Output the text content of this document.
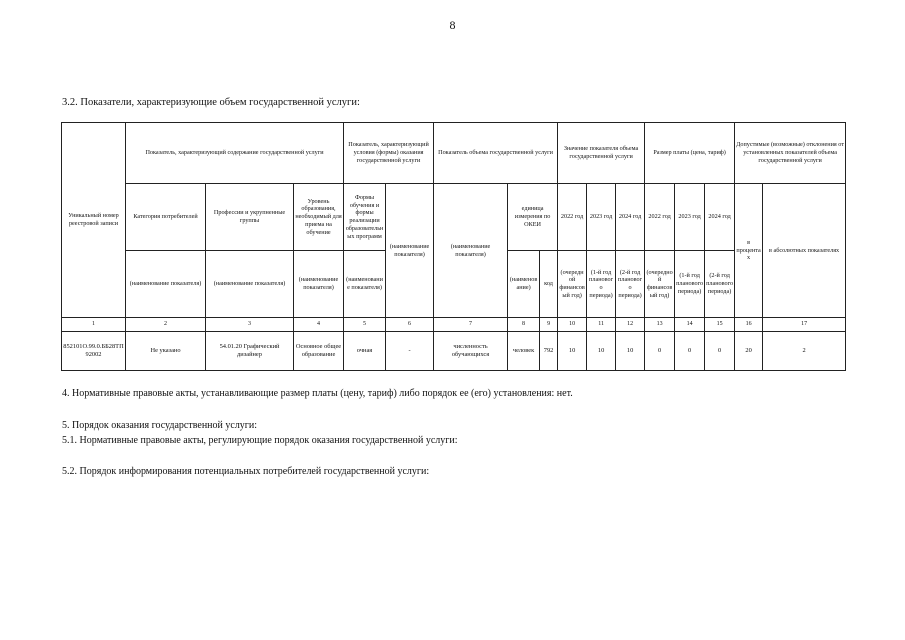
8
3.2. Показатели, характеризующие объем государственной услуги:
Уникальный номер реестровой записи	Показатель, характеризующий содержание государственной услуги			Показатель, характеризующий условия (формы) оказания государственной услуги		Показатель объема государственной услуги			Значение показателя объема государственной услуги			Размер платы (цена, тариф)			Допустимые (возможные) отклонения от установленных показателей объема государственной услуги	
	Категория потребителей	Профессии и укрупненные группы	Уровень образования, необходимый для приема на обучение	Формы обучения и формы реализации образовательных программ	(наименование показателя)	(наименование показателя)	единица измерения по ОКЕИ		2022 год	2023 год	2024 год	2022 год	2023 год	2024 год	в процентах	в абсолютных показателях
	(наименование показателя)	(наименование показателя)	(наименование показателя)	(наименование показателя)			(наименование)	код	(очередной финансовый год)	(1-й год планового периода)	(2-й год планового периода)	(очередной финансовый год)	(1-й год планового периода)	(2-й год планового периода)		
1	2	3	4	5	6	7	8	9	10	11	12	13	14	15	16	17
852101О.99.0.ББ28ТП92002	Не указано	54.01.20 Графический дизайнер	Основное общее образование	очная	-	численность обучающихся	человек	792	10	10	10	0	0	0	20	2
4. Нормативные правовые акты, устанавливающие размер платы (цену, тариф) либо порядок ее (его) установления: нет.
5. Порядок оказания государственной услуги:
5.1. Нормативные правовые акты, регулирующие порядок оказания государственной услуги:
5.2. Порядок информирования потенциальных потребителей государственной услуги:
